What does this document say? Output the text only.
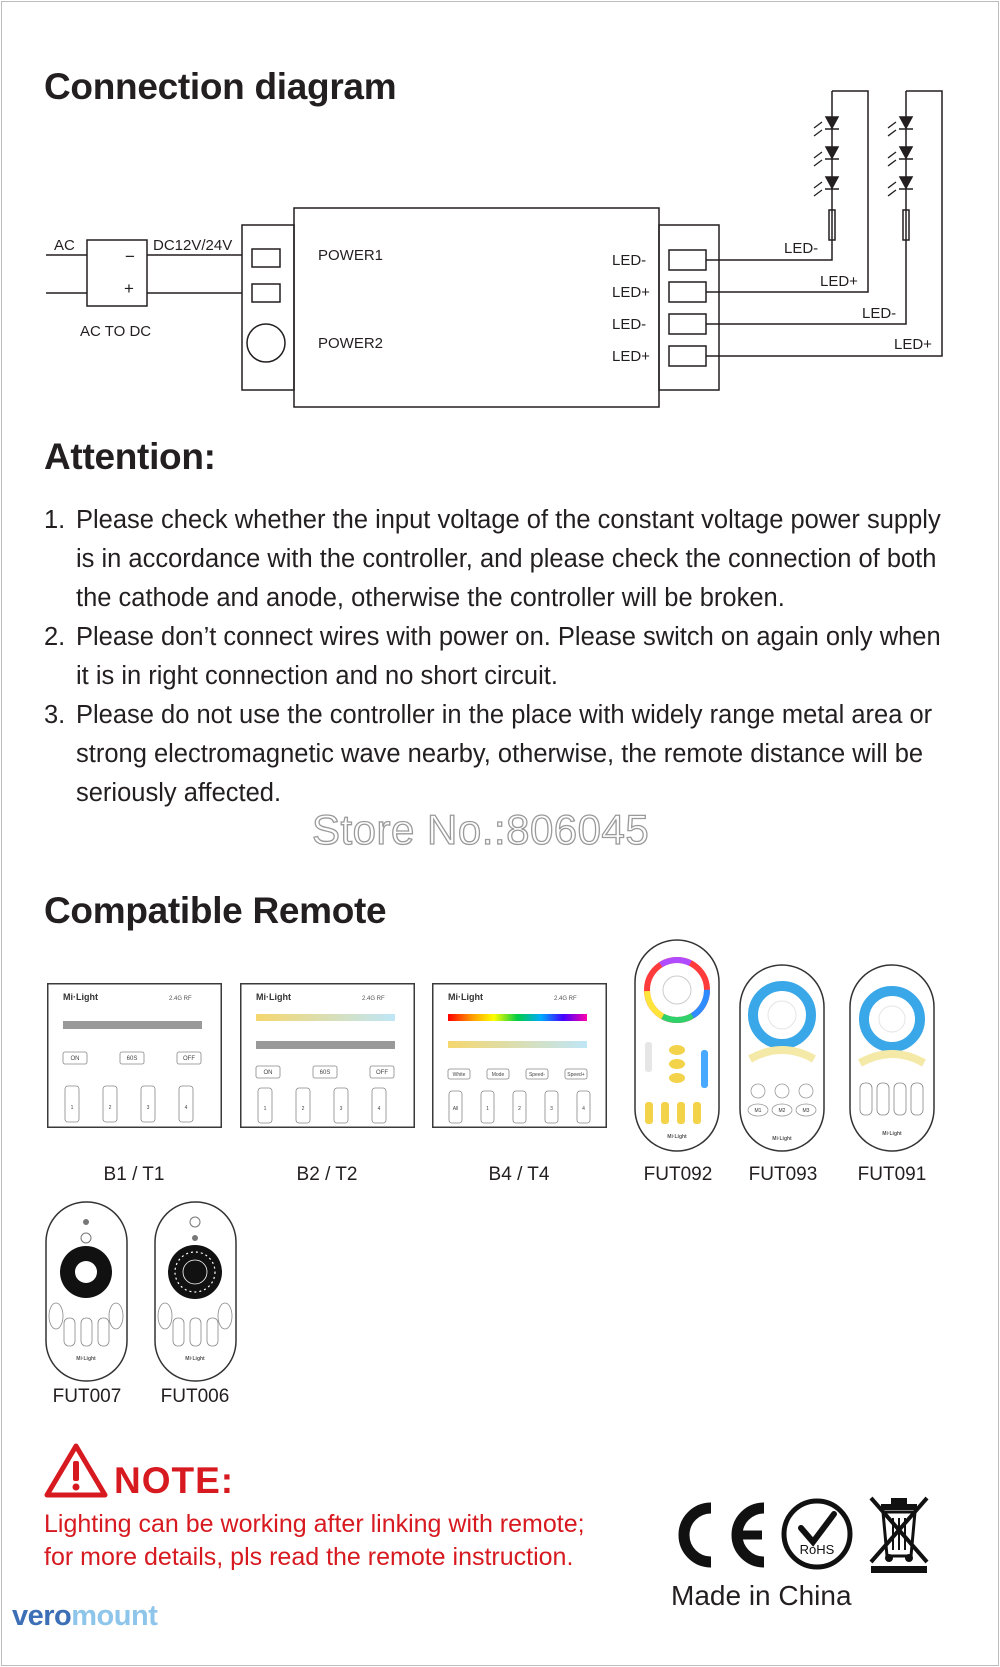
Connection diagram
AC
−
+
AC TO DC
DC12V/24V
POWER1
POWER2
LED-
LED+
LED-
LED+
LED-
LED+
LED-
LED+
Attention:
1. Please check whether the input voltage of the constant voltage power supply is in accordance with the controller, and please check the connection of both the cathode and anode, otherwise the controller will be broken.
2. Please don’t connect wires with power on. Please switch on again only when it is in right connection and no short circuit.
3. Please do not use the controller in the place with widely range metal area or strong electromagnetic wave nearby, otherwise, the remote distance will be seriously affected.
Store No.:806045
Compatible Remote
Mi·Light	2.4G RF
ON	60S	OFF
1	2	3	4
B1 / T1
Mi·Light	2.4G RF
ON	60S	OFF
1	2	3	4
B2 / T2
Mi·Light	2.4G RF
White	Mode	Speed-	Speed+
All	1	2	3	4
B4 / T4
Mi·Light
FUT092
M1	M2	M3
Mi·Light
FUT093
Mi·Light
FUT091
Mi·Light
FUT007
Mi·Light
FUT006
NOTE:
Lighting can be working after linking with remote; for more details, pls read the remote instruction.	RoHS
Made in China
veromount
